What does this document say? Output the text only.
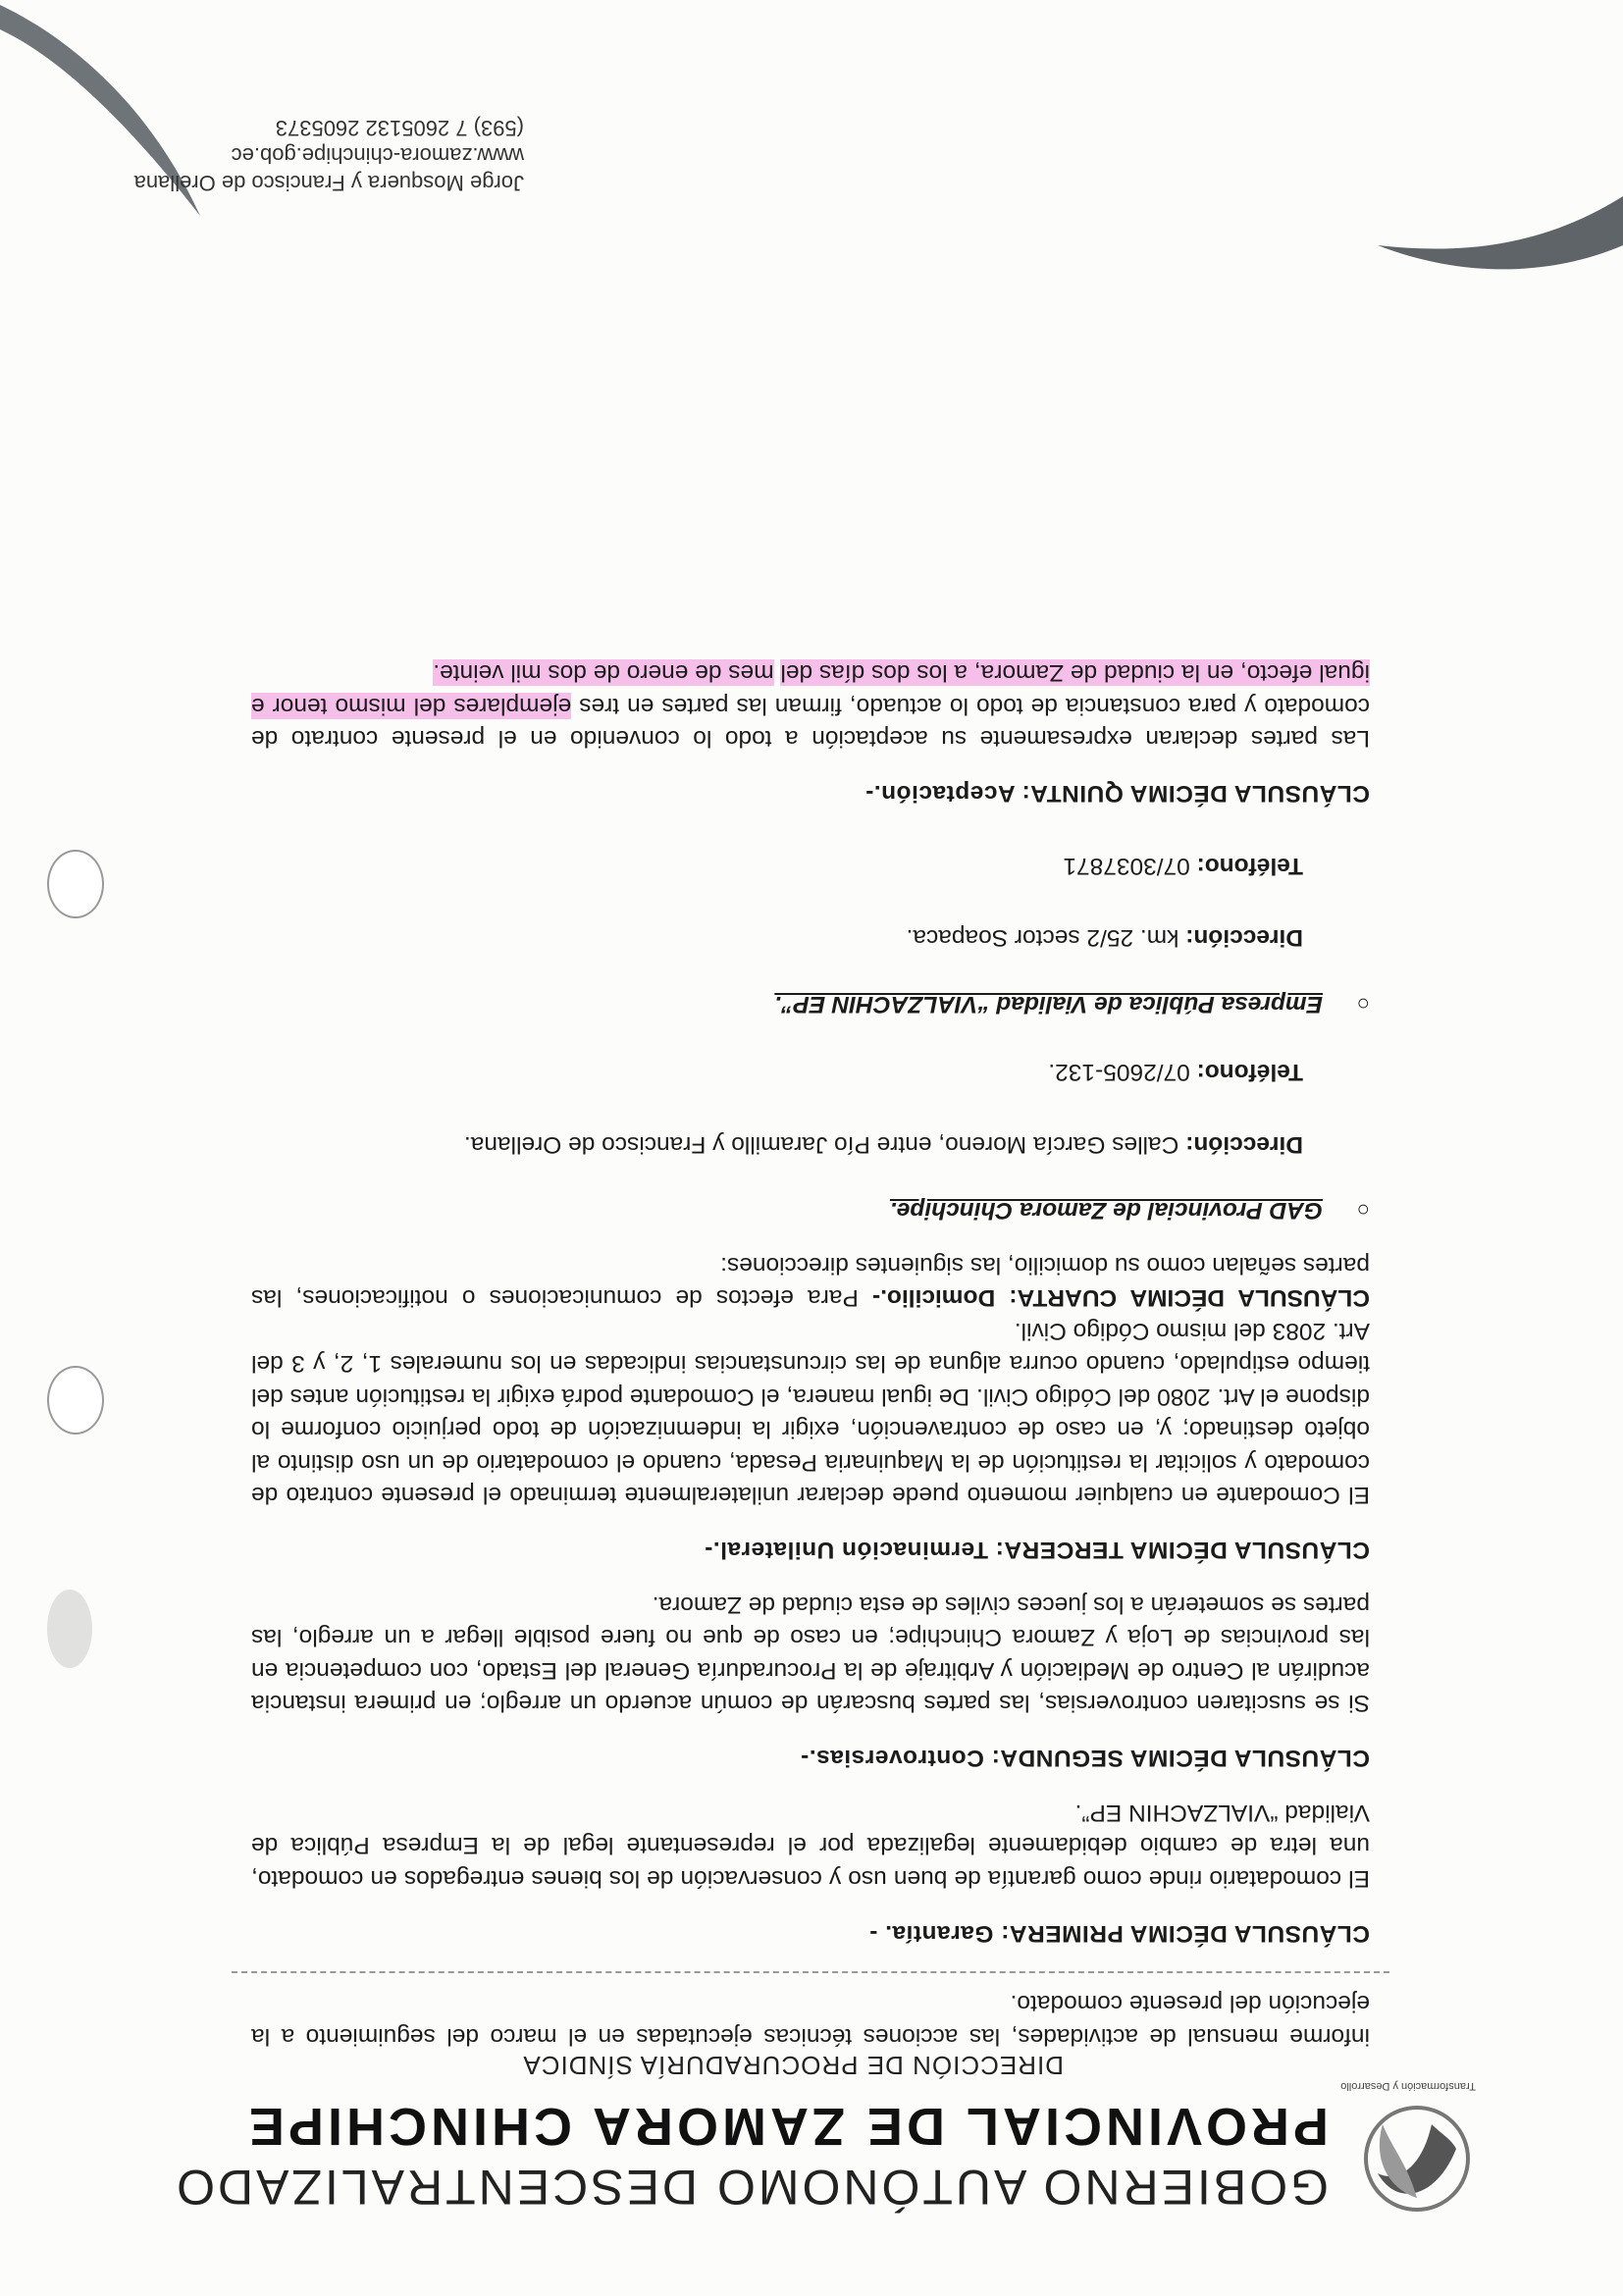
Transformación y Desarrollo
GOBIERNO AUTÓNOMO DESCENTRALIZADO
PROVINCIAL DE ZAMORA CHINCHIPE
DIRECCIÓN DE PROCURADURÍA SÍNDICA

informe mensual de actividades, las acciones técnicas ejecutadas en el marco del seguimiento a la ejecución del presente comodato.

CLÁUSULA DÉCIMA PRIMERA: Garantía. -

El comodatario rinde como garantía de buen uso y conservación de los bienes entregados en comodato, una letra de cambio debidamente legalizada por el representante legal de la Empresa Pública de Vialidad “VIALZACHIN EP”.

CLÁUSULA DÉCIMA SEGUNDA: Controversias.-

Si se suscitaren controversias, las partes buscarán de común acuerdo un arreglo; en primera instancia acudirán al Centro de Mediación y Arbitraje de la Procuraduría General del Estado, con competencia en las provincias de Loja y Zamora Chinchipe; en caso de que no fuere posible llegar a un arreglo, las partes se someterán a los jueces civiles de esta ciudad de Zamora.

CLÁUSULA DÉCIMA TERCERA: Terminación Unilateral.-

El Comodante en cualquier momento puede declarar unilateralmente terminado el presente contrato de comodato y solicitar la restitución de la Maquinaria Pesada, cuando el comodatario de un uso distinto al objeto destinado; y, en caso de contravención, exigir la indemnización de todo perjuicio conforme lo dispone el Art. 2080 del Código Civil. De igual manera, el Comodante podrá exigir la restitución antes del tiempo estipulado, cuando ocurra alguna de las circunstancias indicadas en los numerales 1, 2, y 3 del Art. 2083 del mismo Código Civil.

CLÁUSULA DÉCIMA CUARTA: Domicilio.- Para efectos de comunicaciones o notificaciones, las partes señalan como su domicilio, las siguientes direcciones:

○
GAD Provincial de Zamora Chinchipe.
Dirección: Calles García Moreno, entre Pío Jaramillo y Francisco de Orellana.
Teléfono: 07/2605-132.
○
Empresa Pública de Vialidad “VIALZACHIN EP”.
Dirección: km. 25/2 sector Soapaca.
Teléfono: 07/3037871
CLÁUSULA DÉCIMA QUINTA: Aceptación.-

Las partes declaran expresamente su aceptación a todo lo convenido en el presente contrato de comodato y para constancia de todo lo actuado, firman las partes en tres ejemplares del mismo tenor e igual efecto, en la ciudad de Zamora, a los dos días del mes de enero de dos mil veinte.

Jorge Mosquera y Francisco de Orellana
www.zamora-chinchipe.gob.ec
(593) 7 2605132 2605373
